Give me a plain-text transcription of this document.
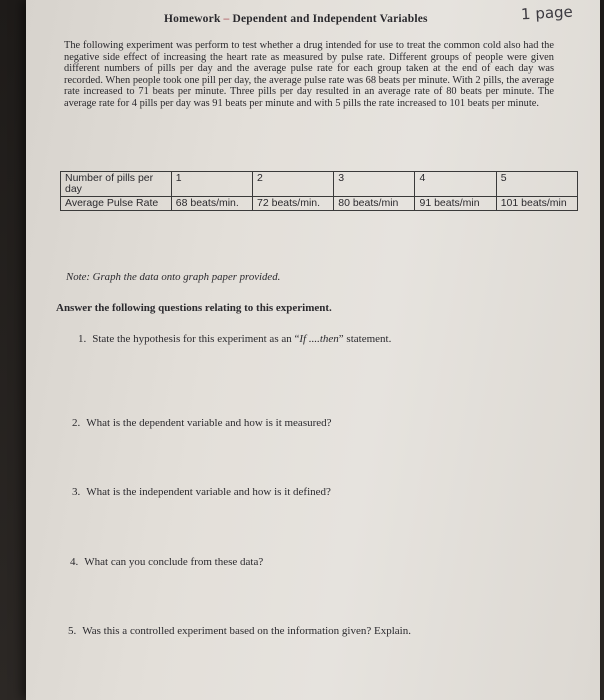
1 page
Homework – Dependent and Independent Variables
The following experiment was perform to test whether a drug intended for use to treat the common cold also had the negative side effect of increasing the heart rate as measured by pulse rate. Different groups of people were given different numbers of pills per day and the average pulse rate for each group taken at the end of each day was recorded. When people took one pill per day, the average pulse rate was 68 beats per minute. With 2 pills, the average rate increased to 71 beats per minute. Three pills per day resulted in an average rate of 80 beats per minute. The average rate for 4 pills per day was 91 beats per minute and with 5 pills the rate increased to 101 beats per minute.
Number of pills per day	1	2	3	4	5
Average Pulse Rate	68 beats/min.	72 beats/min.	80 beats/min	91 beats/min	101 beats/min
Note: Graph the data onto graph paper provided.
Answer the following questions relating to this experiment.
1. State the hypothesis for this experiment as an “If ....then” statement.
2. What is the dependent variable and how is it measured?
3. What is the independent variable and how is it defined?
4. What can you conclude from these data?
5. Was this a controlled experiment based on the information given? Explain.
